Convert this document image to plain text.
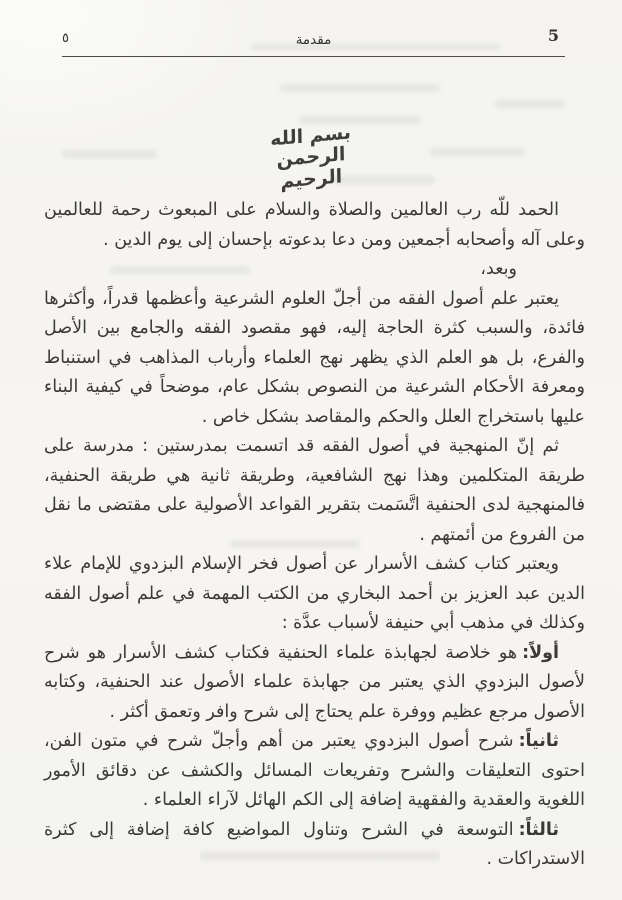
٥	مقدمة	5
بسم الله الرحمن الرحيم

الحمد للّه رب العالمين والصلاة والسلام على المبعوث رحمة للعالمين وعلى آله وأصحابه أجمعين ومن دعا بدعوته بإحسان إلى يوم الدين .

وبعد،

يعتبر علم أصول الفقه من أجلّ العلوم الشرعية وأعظمها قدراً، وأكثرها فائدة، والسبب كثرة الحاجة إليه، فهو مقصود الفقه والجامع بين الأصل والفرع، بل هو العلم الذي يظهر نهج العلماء وأرباب المذاهب في استنباط ومعرفة الأحكام الشرعية من النصوص بشكل عام، موضحاً في كيفية البناء عليها باستخراج العلل والحكم والمقاصد بشكل خاص .

ثم إنّ المنهجية في أصول الفقه قد اتسمت بمدرستين : مدرسة على طريقة المتكلمين وهذا نهج الشافعية، وطريقة ثانية هي طريقة الحنفية، فالمنهجية لدى الحنفية اتَّسَمت بتقرير القواعد الأصولية على مقتضى ما نقل من الفروع من أئمتهم .

ويعتبر كتاب كشف الأسرار عن أصول فخر الإسلام البزدوي للإمام علاء الدين عبد العزيز بن أحمد البخاري من الكتب المهمة في علم أصول الفقه وكذلك في مذهب أبي حنيفة لأسباب عدَّة :

أولاً:هو خلاصة لجهابذة علماء الحنفية فكتاب كشف الأسرار هو شرح لأصول البزدوي الذي يعتبر من جهابذة علماء الأصول عند الحنفية، وكتابه الأصول مرجع عظيم ووفرة علم يحتاج إلى شرح وافر وتعمق أكثر .

ثانياً:شرح أصول البزدوي يعتبر من أهم وأجلّ شرح في متون الفن، احتوى التعليقات والشرح وتفريعات المسائل والكشف عن دقائق الأمور اللغوية والعقدية والفقهية إضافة إلى الكم الهائل لآراء العلماء .

ثالثاً:التوسعة في الشرح وتناول المواضيع كافة إضافة إلى كثرة الاستدراكات .
